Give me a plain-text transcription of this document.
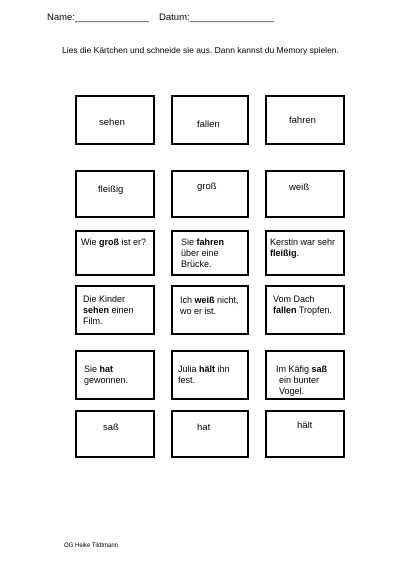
Name:______________ Datum:________________
Lies die Kärtchen und schneide sie aus. Dann kannst du Memory spielen.
sehen	fallen	fahren
fleißig	groß	weiß
Wie groß ist er?	Sie fahren
über eine
Brücke.
Kerstin war sehr
fleißig.
Die Kinder
sehen einen
Film.
Ich weiß nicht,
wo er ist.
Vom Dach
fallen Tropfen.
Sie hat
gewonnen.
Julia hält ihn
fest.
Im Käfig saß
ein bunter
Vogel.
saß	hat	hält
OG Heike Tildtmann
